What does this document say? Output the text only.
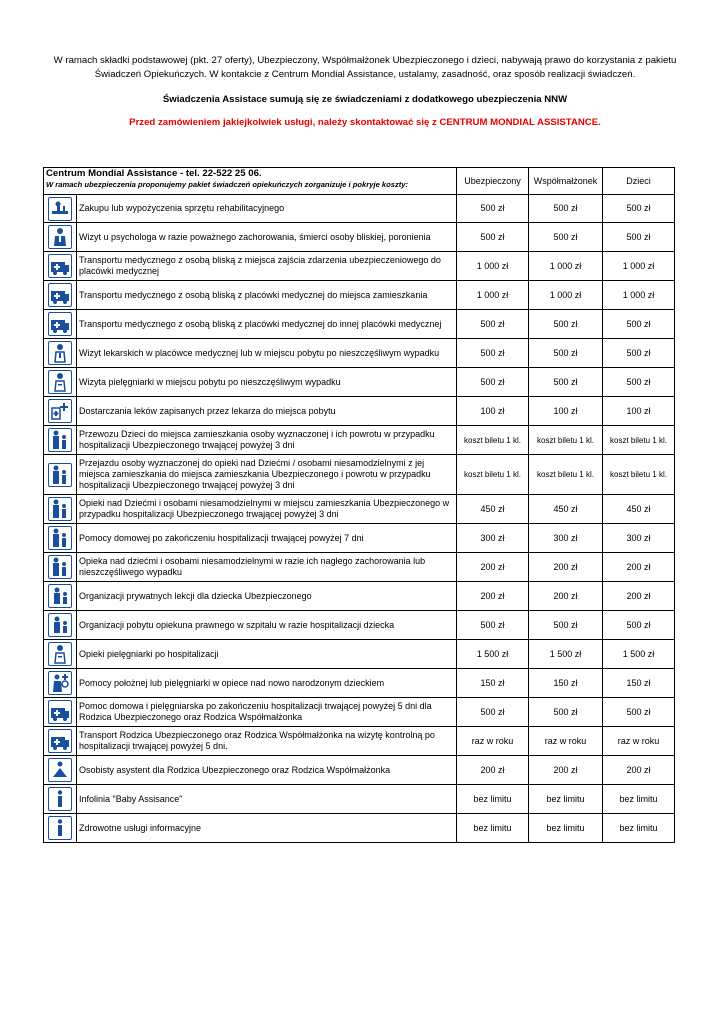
W ramach składki podstawowej (pkt. 27 oferty), Ubezpieczony, Współmałżonek Ubezpieczonego i dzieci, nabywają prawo do korzystania z pakietu Świadczeń Opiekuńczych. W kontakcie z Centrum Mondial Assistance, ustalamy, zasadność, oraz sposób realizacji świadczeń.
Świadczenia Assistace sumują się ze świadczeniami z dodatkowego ubezpieczenia NNW
Przed zamówieniem jakiejkolwiek usługi, należy skontaktować się z CENTRUM MONDIAL ASSISTANCE.
Centrum Mondial Assistance - tel. 22-522 25 06.
W ramach ubezpieczenia proponujemy pakiet świadczeń opiekuńczych zorganizuje i pokryje koszty:		Ubezpieczony	Współmałżonek	Dzieci

	Zakupu lub wypożyczenia sprzętu rehabilitacyjnego	500 zł	500 zł	500 zł

	Wizyt u psychologa w razie poważnego zachorowania, śmierci osoby bliskiej, poronienia	500 zł	500 zł	500 zł

	Transportu medycznego z osobą bliską z miejsca zajścia zdarzenia ubezpieczeniowego do placówki medycznej	1 000 zł	1 000 zł	1 000 zł

	Transportu medycznego z osobą bliską z placówki medycznej do miejsca zamieszkania	1 000 zł	1 000 zł	1 000 zł

	Transportu medycznego z osobą bliską z placówki medycznej do innej placówki medycznej	500 zł	500 zł	500 zł

	Wizyt lekarskich w placówce medycznej lub w miejscu pobytu po nieszczęśliwym wypadku	500 zł	500 zł	500 zł

	Wizyta pielęgniarki w miejscu pobytu po nieszczęśliwym wypadku	500 zł	500 zł	500 zł

	Dostarczania leków zapisanych przez lekarza do miejsca pobytu	100 zł	100 zł	100 zł

	Przewozu Dzieci do miejsca zamieszkania osoby wyznaczonej i ich powrotu w przypadku hospitalizacji Ubezpieczonego trwającej powyżej 3 dni	koszt biletu 1 kl.	koszt biletu 1 kl.	koszt biletu 1 kl.

	Przejazdu osoby wyznaczonej do opieki nad Dziećmi / osobami niesamodzielnymi z jej miejsca zamieszkania do miejsca zamieszkania Ubezpieczonego i powrotu w przypadku hospitalizacji Ubezpieczonego trwającej powyżej 3 dni	koszt biletu 1 kl.	koszt biletu 1 kl.	koszt biletu 1 kl.

	Opieki nad Dziećmi i osobami niesamodzielnymi w miejscu zamieszkania Ubezpieczonego w przypadku hospitalizacji Ubezpieczonego trwającej powyżej 3 dni	450 zł	450 zł	450 zł

	Pomocy domowej po zakończeniu hospitalizacji trwającej powyżej 7 dni	300 zł	300 zł	300 zł

	Opieka nad dziećmi i osobami niesamodzielnymi w razie ich nagłego zachorowania lub nieszczęśliwego wypadku	200 zł	200 zł	200 zł

	Organizacji prywatnych lekcji dla dziecka Ubezpieczonego	200 zł	200 zł	200 zł

	Organizacji pobytu opiekuna prawnego w szpitalu w razie hospitalizacji dziecka	500 zł	500 zł	500 zł

	Opieki pielęgniarki po hospitalizacji	1 500 zł	1 500 zł	1 500 zł

	Pomocy położnej lub pielęgniarki w opiece nad nowo narodzonym dzieckiem	150 zł	150 zł	150 zł

	Pomoc domowa i pielęgniarska po zakończeniu hospitalizacji trwającej powyżej 5 dni dla Rodzica Ubezpieczonego oraz Rodzica Współmałżonka	500 zł	500 zł	500 zł

	Transport Rodzica Ubezpieczonego oraz Rodzica Współmałżonka na wizytę kontrolną po hospitalizacji trwającej powyżej 5 dni.	raz w roku	raz w roku	raz w roku

	Osobisty asystent dla Rodzica Ubezpieczonego oraz Rodzica Współmałżonka	200 zł	200 zł	200 zł

	Infolinia "Baby Assisance"	bez limitu	bez limitu	bez limitu

	Zdrowotne usługi informacyjne	bez limitu	bez limitu	bez limitu
